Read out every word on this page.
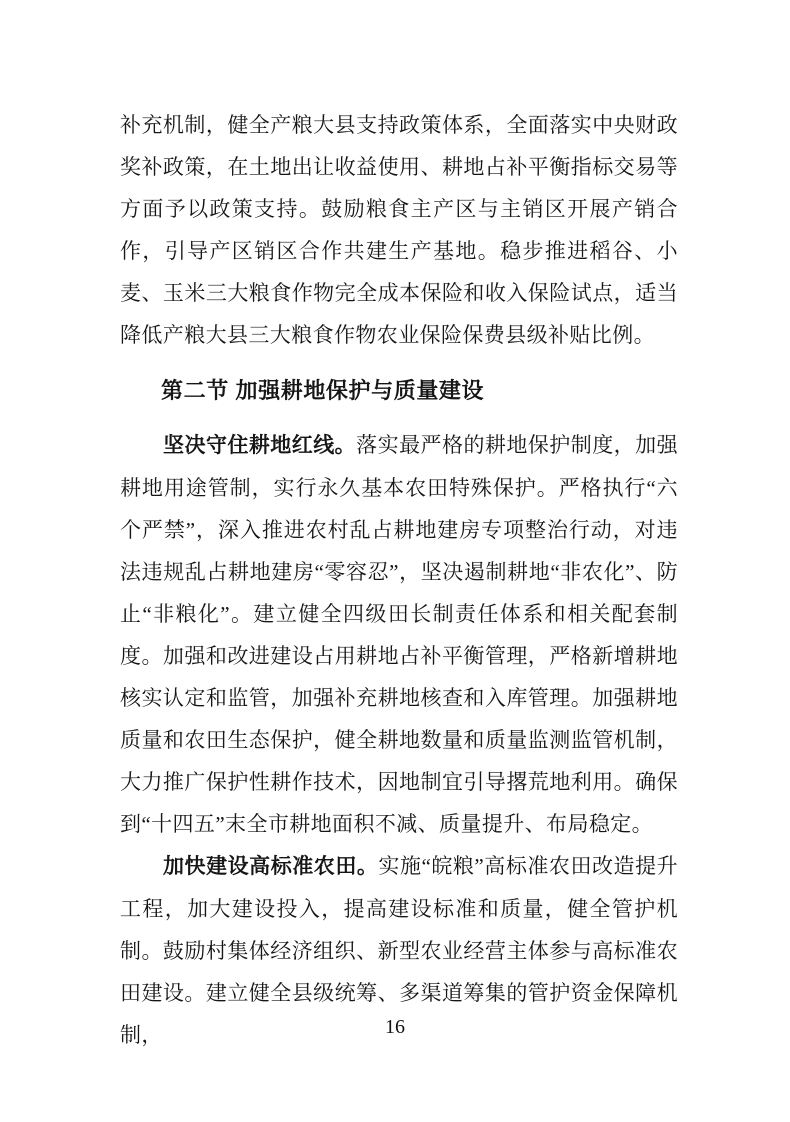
补充机制，健全产粮大县支持政策体系，全面落实中央财政奖补政策，在土地出让收益使用、耕地占补平衡指标交易等方面予以政策支持。鼓励粮食主产区与主销区开展产销合作，引导产区销区合作共建生产基地。稳步推进稻谷、小麦、玉米三大粮食作物完全成本保险和收入保险试点，适当降低产粮大县三大粮食作物农业保险保费县级补贴比例。

第二节 加强耕地保护与质量建设

坚决守住耕地红线。落实最严格的耕地保护制度，加强耕地用途管制，实行永久基本农田特殊保护。严格执行“六个严禁”，深入推进农村乱占耕地建房专项整治行动，对违法违规乱占耕地建房“零容忍”，坚决遏制耕地“非农化”、防止“非粮化”。建立健全四级田长制责任体系和相关配套制度。加强和改进建设占用耕地占补平衡管理，严格新增耕地核实认定和监管，加强补充耕地核查和入库管理。加强耕地质量和农田生态保护，健全耕地数量和质量监测监管机制，大力推广保护性耕作技术，因地制宜引导撂荒地利用。确保到“十四五”末全市耕地面积不减、质量提升、布局稳定。

加快建设高标准农田。实施“皖粮”高标准农田改造提升工程，加大建设投入，提高建设标准和质量，健全管护机制。鼓励村集体经济组织、新型农业经营主体参与高标准农田建设。建立健全县级统筹、多渠道筹集的管护资金保障机制，	16
